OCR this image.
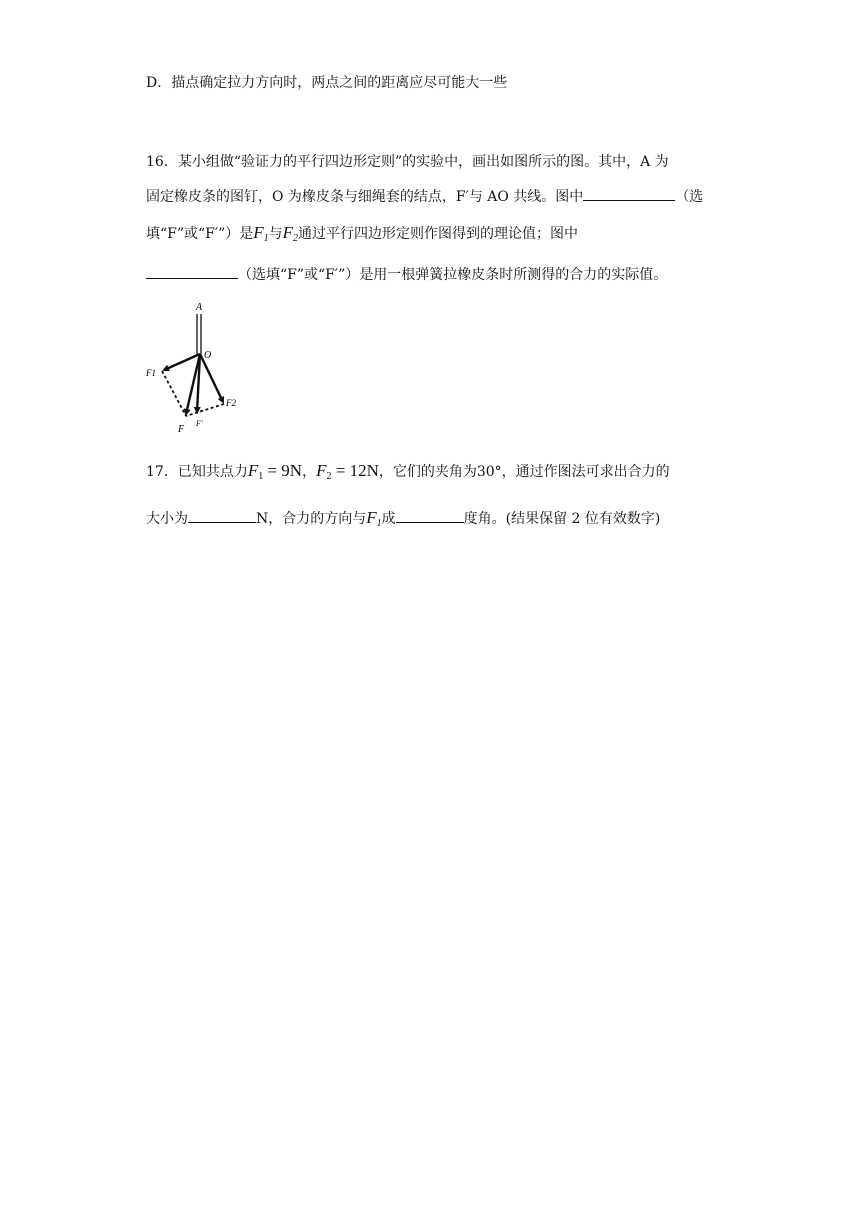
D．描点确定拉力方向时，两点之间的距离应尽可能大一些
16．某小组做“验证力的平行四边形定则”的实验中，画出如图所示的图。其中，A 为
固定橡皮条的图钉，O 为橡皮条与细绳套的结点，F′与 AO 共线。图中	（选
填“F”或“F′”）是$F_1$与$F_2$通过平行四边形定则作图得到的理论值；图中
（选填“F”或“F′”）是用一根弹簧拉橡皮条时所测得的合力的实际值。
A
O
F1
F2
F
F′
17．已知共点力$F_1 = 9N$，$F_2 = 12N$，它们的夹角为30°，通过作图法可求出合力的
大小为	N，合力的方向与$F_1$成	度角。(结果保留 2 位有效数字)
